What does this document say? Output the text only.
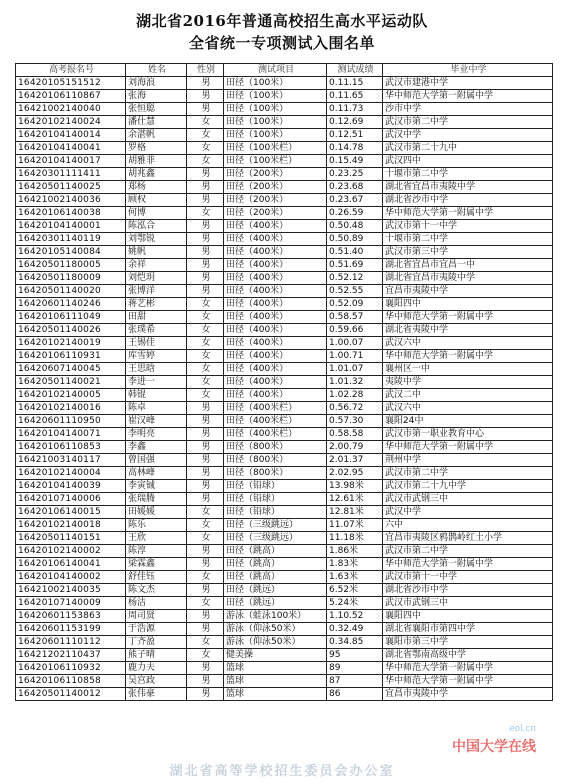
湖北省2016年普通高校招生高水平运动队
全省统一专项测试入围名单
高考报名号	姓名	性别	测试项目	测试成绩	毕业中学
16420105151512	刘海浪	男	田径（100米）	0.11.15	武汉市建港中学
16420106110867	张海	男	田径（100米）	0.11.65	华中师范大学第一附属中学
16421002140040	张恒聪	男	田径（100米）	0.11.73	沙市中学
16420102140024	潘仕慧	女	田径（100米）	0.12.69	武汉市第二中学
16420104140014	余湛帆	女	田径（100米）	0.12.51	武汉中学
16420104140041	罗格	女	田径（100米栏）	0.14.78	武汉市第二十九中
16420104140017	胡雅菲	女	田径（100米栏）	0.15.49	武汉四中
16420301111411	胡兆鑫	男	田径（200米）	0.23.25	十堰市第二中学
16420501140025	郑杨	男	田径（200米）	0.23.68	湖北省宜昌市夷陵中学
16421002140036	顾权	男	田径（200米）	0.23.67	湖北省沙市中学
16420106140038	何博	女	田径（200米）	0.26.59	华中师范大学第一附属中学
16420104140001	陈泓合	男	田径（400米）	0.50.48	武汉市第十一中学
16420301140119	刘鄂锐	男	田径（400米）	0.50.89	十堰市第二中学
16420105140084	姚帆	男	田径（400米）	0.51.40	武汉市第三中学
16420501180005	余祥	男	田径（400米）	0.51.69	湖北省宜昌市宜昌一中
16420501180009	刘恺玥	男	田径（400米）	0.52.12	湖北省宜昌市夷陵中学
16420501140020	张博洋	男	田径（400米）	0.52.55	宜昌市夷陵中学
16420601140246	蒋艺彬	女	田径（400米）	0.52.09	襄阳四中
16420106111049	田甜	女	田径（400米）	0.58.57	华中师范大学第一附属中学
16420501140026	张璞希	女	田径（400米）	0.59.66	湖北省夷陵中学
16420102140019	王锡佳	女	田径（400米）	1.00.07	武汉六中
16420106110931	库雪婷	女	田径（400米）	1.00.71	华中师范大学第一附属中学
16420607140045	王思晗	女	田径（400米）	1.01.07	襄州区一中
16420501140021	李进一	女	田径（400米）	1.01.32	夷陵中学
16420102140005	韩锟	女	田径（400米）	1.02.28	武汉二中
16420102140016	陈卓	男	田径（400米栏）	0.56.72	武汉六中
16420601110950	崔汉峰	男	田径（400米栏）	0.57.30	襄阳24中
16420104140071	李明亮	男	田径（400米栏）	0.58.58	武汉市第一职业教育中心
16420106110853	李鑫	男	田径（800米）	2.00.79	华中师范大学第一附属中学
16421003140117	曾国强	男	田径（800米）	2.01.37	荆州中学
16420102140004	高林峰	男	田径（800米）	2.02.95	武汉市第二中学
16420104140039	李寅铖	男	田径（铅球）	13.98米	武汉市第二十九中学
16420107140006	张瑞腾	男	田径（铅球）	12.61米	武汉市武钢三中
16420106140015	田媛媛	女	田径（铅球）	12.81米	武汉中学
16420102140018	陈乐	女	田径（三级跳远）	11.07米	六中
16420501140151	王欣	女	田径（三级跳远）	11.18米	宜昌市夷陵区鸦鹊岭红土小学
16420102140002	陈淳	男	田径（跳高）	1.86米	武汉市第二中学
16420106140041	梁霖鑫	男	田径（跳高）	1.83米	华中师范大学第一附属中学
16420104140002	舒佳钰	女	田径（跳高）	1.63米	武汉市第十一中学
16421002140035	陈文杰	男	田径（跳远）	6.52米	湖北省沙市中学
16420107140009	杨洁	女	田径（跳远）	5.24米	武汉市武钢三中
16420601153863	周司贤	男	游泳（蛙泳100米）	1.10.52	襄阳四中
16420601153199	于浩源	男	游泳（仰泳50米）	0.32.49	湖北省襄阳市第四中学
16420601110112	丁齐盈	女	游泳（仰泳50米）	0.34.85	襄阳市第三中学
16421202110437	熊子晴	女	健美操	95	湖北省鄂南高级中学
16420106110932	鹿力夫	男	篮球	89	华中师范大学第一附属中学
16420106110858	吴宫政	男	篮球	87	华中师范大学第一附属中学
16420501140012	张伟豪	男	篮球	86	宜昌市夷陵中学
湖北省高等学校招生委员会办公室
eol.cn
中国大学在线
